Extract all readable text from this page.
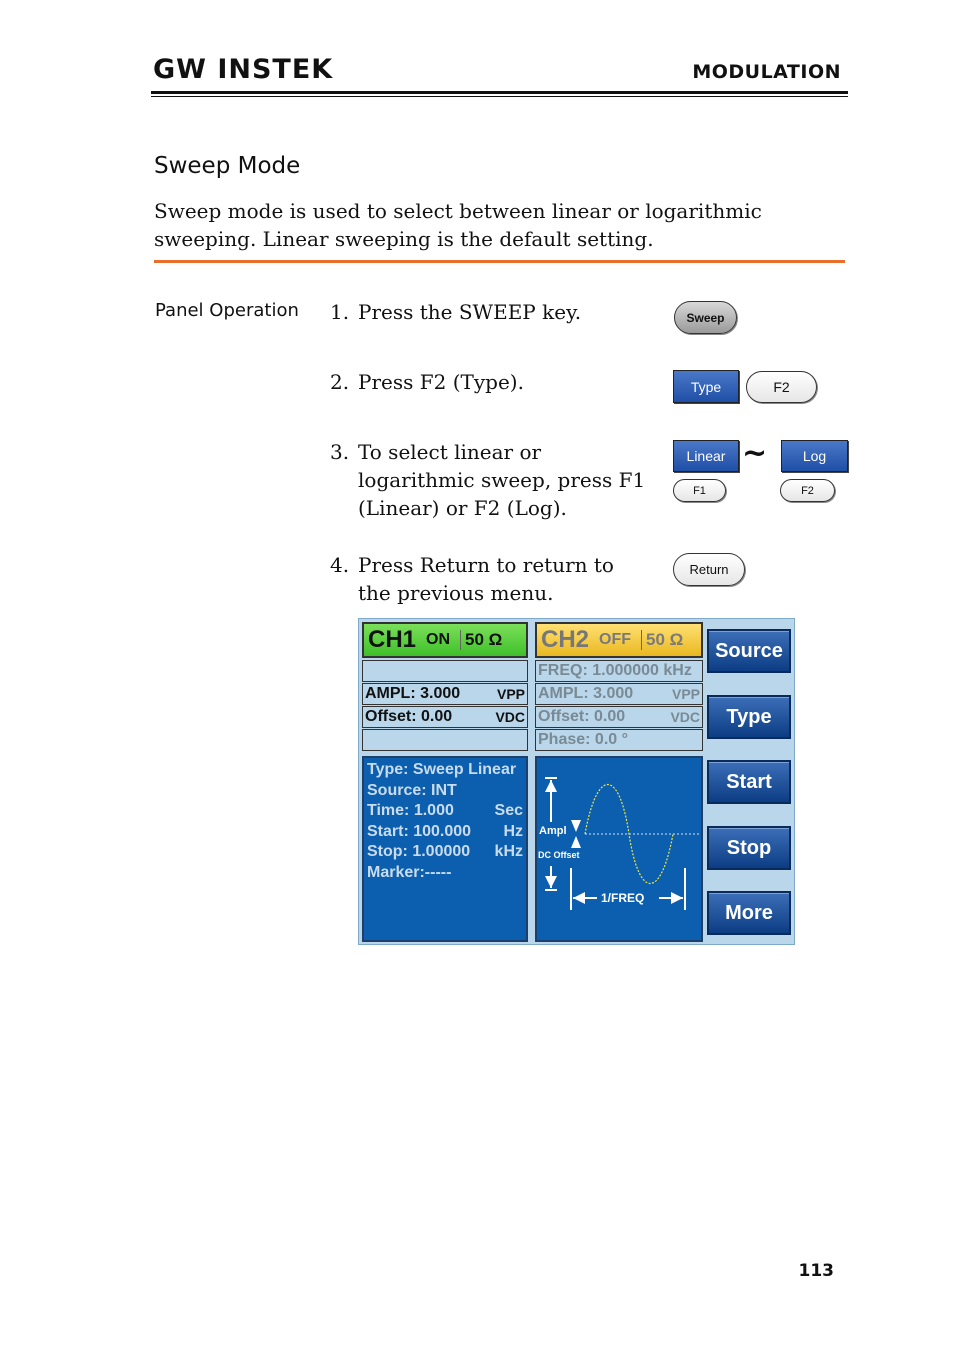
GW INSTEK	MODULATION
Sweep Mode
Sweep mode is used to select between linear or logarithmic sweeping. Linear sweeping is the default setting.
Panel Operation 1. Press the SWEEP key.
2. Press F2 (Type).
3. To select linear or logarithmic sweep, press F1 (Linear) or F2 (Log).
4. Press Return to return to the previous menu.
Sweep
Type	F2
Linear ~	Log
F1	F2
Return
CH1 ON 50 Ω CH2 OFF 50 Ω
AMPL: 3.000	VPP
Offset: 0.00	VDC
FREQ: 1.000000 kHz
AMPL: 3.000	VPP
Offset: 0.00	VDC
Phase: 0.0 °
Type: Sweep Linear
Source: INT
Time: 1.000	Sec
Start: 100.000	Hz
Stop: 1.00000	kHz
Marker:-----
Ampl
DC Offset
1/FREQ
Source
Type
Start
Stop
More
113
